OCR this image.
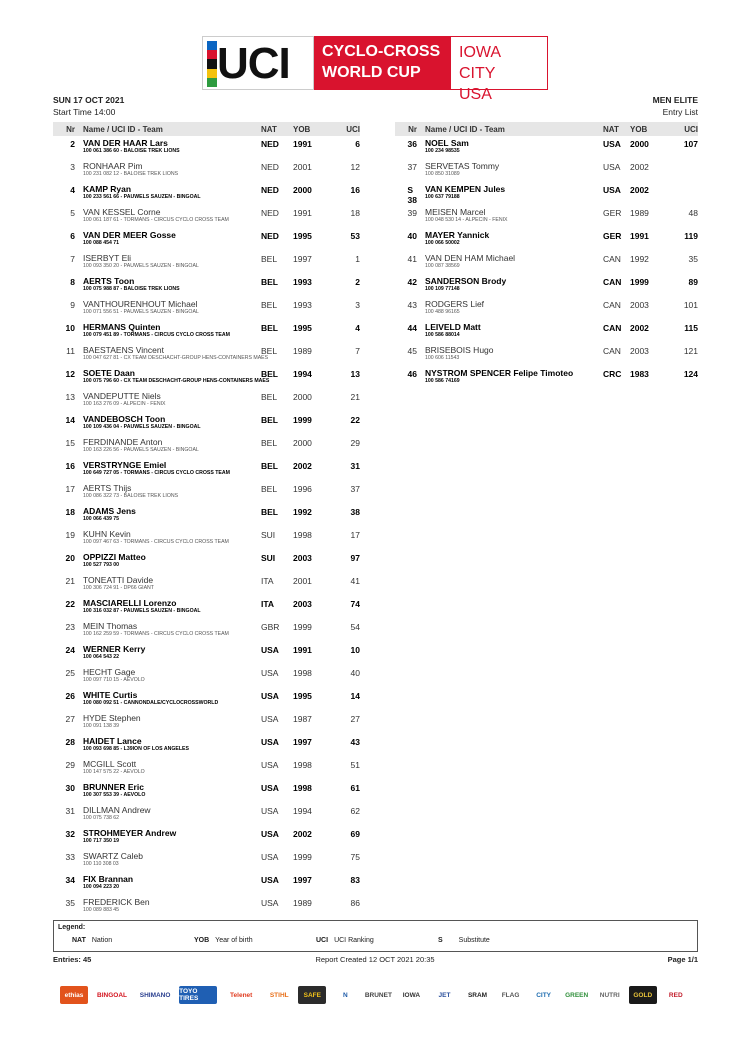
UCI CYCLO-CROSS
WORLD CUP
IOWA CITY
USA
SUN 17 OCT 2021
Start Time 14:00
MEN ELITE
Entry List
Nr	Name / UCI ID - Team	NAT	YOB	UCI
2 VAN DER HAAR Lars
100 061 386 60 - BALOISE TREK LIONS
NED	1991	6
3 RONHAAR Pim
100 231 082 12 - BALOISE TREK LIONS
NED	2001	12
4 KAMP Ryan
100 233 561 66 - PAUWELS SAUZEN - BINGOAL
NED	2000	16
5 VAN KESSEL Corne
100 061 187 61 - TORMANS - CIRCUS CYCLO CROSS TEAM
NED	1991	18
6 VAN DER MEER Gosse
100 088 454 71
NED	1995	53
7 ISERBYT Eli
100 093 350 20 - PAUWELS SAUZEN - BINGOAL
BEL	1997	1
8 AERTS Toon
100 075 988 87 - BALOISE TREK LIONS
BEL	1993	2
9 VANTHOURENHOUT Michael
100 071 556 51 - PAUWELS SAUZEN - BINGOAL
BEL	1993	3
10 HERMANS Quinten
100 079 451 89 - TORMANS - CIRCUS CYCLO CROSS TEAM
BEL	1995	4
11 BAESTAENS Vincent
100 047 627 81 - CX TEAM DESCHACHT-GROUP HENS-CONTAINERS MAES
BEL	1989	7
12 SOETE Daan
100 075 796 60 - CX TEAM DESCHACHT-GROUP HENS-CONTAINERS MAES
BEL	1994	13
13 VANDEPUTTE Niels
100 163 276 09 - ALPECIN - FENIX
BEL	2000	21
14 VANDEBOSCH Toon
100 109 436 04 - PAUWELS SAUZEN - BINGOAL
BEL	1999	22
15 FERDINANDE Anton
100 163 226 56 - PAUWELS SAUZEN - BINGOAL
BEL	2000	29
16 VERSTRYNGE Emiel
100 649 727 05 - TORMANS - CIRCUS CYCLO CROSS TEAM
BEL	2002	31
17 AERTS Thijs
100 086 322 73 - BALOISE TREK LIONS
BEL	1996	37
18 ADAMS Jens
100 066 439 75
BEL	1992	38
19 KUHN Kevin
100 097 467 63 - TORMANS - CIRCUS CYCLO CROSS TEAM
SUI	1998	17
20 OPPIZZI Matteo
100 527 793 00
SUI	2003	97
21 TONEATTI Davide
100 306 724 91 - DP66 GIANT
ITA	2001	41
22 MASCIARELLI Lorenzo
100 316 032 87 - PAUWELS SAUZEN - BINGOAL
ITA	2003	74
23 MEIN Thomas
100 162 259 59 - TORMANS - CIRCUS CYCLO CROSS TEAM
GBR	1999	54
24 WERNER Kerry
100 064 543 22
USA	1991	10
25 HECHT Gage
100 097 710 15 - AEVOLO
USA	1998	40
26 WHITE Curtis
100 080 092 51 - CANNONDALE/CYCLOCROSSWORLD
USA	1995	14
27 HYDE Stephen
100 091 138 39
USA	1987	27
28 HAIDET Lance
100 093 698 85 - L39ION OF LOS ANGELES
USA	1997	43
29 MCGILL Scott
100 147 575 22 - AEVOLO
USA	1998	51
30 BRUNNER Eric
100 307 553 39 - AEVOLO
USA	1998	61
31 DILLMAN Andrew
100 075 738 62
USA	1994	62
32 STROHMEYER Andrew
100 717 350 19
USA	2002	69
33 SWARTZ Caleb
100 110 308 03
USA	1999	75
34 FIX Brannan
100 094 223 20
USA	1997	83
35 FREDERICK Ben
100 089 883 45
USA	1989	86
Nr	Name / UCI ID - Team	NAT	YOB	UCI
36 NOEL Sam
100 234 98535
USA	2000	107
37 SERVETAS Tommy
100 850 31089
USA	2002
S38
VAN KEMPEN Jules
100 637 79188
USA	2002
39 MEISEN Marcel
100 048 530 14 - ALPECIN - FENIX
GER	1989	48
40 MAYER Yannick
100 066 50002
GER	1991	119
41 VAN DEN HAM Michael
100 087 38569
CAN	1992	35
42 SANDERSON Brody
100 109 77148
CAN	1999	89
43 RODGERS Lief
100 488 96165
CAN	2003	101
44 LEIVELD Matt
100 586 88014
CAN	2002	115
45 BRISEBOIS Hugo
100 606 11543
CAN	2003	121
46 NYSTROM SPENCER Felipe Timoteo
100 586 74169
CRC	1983	124
Legend:
NAT Nation	YOB Year of birth	UCI UCI Ranking	S Substitute
Entries: 45	Report Created 12 OCT 2021 20:35	Page 1/1
ethias	BINGOAL	SHIMANO	TOYO TIRES	Telenet	STIHL	SAFE	N	BRUNET	IOWA	JET	SRAM	FLAG	CITY	GREEN	NUTRI	GOLD	RED
